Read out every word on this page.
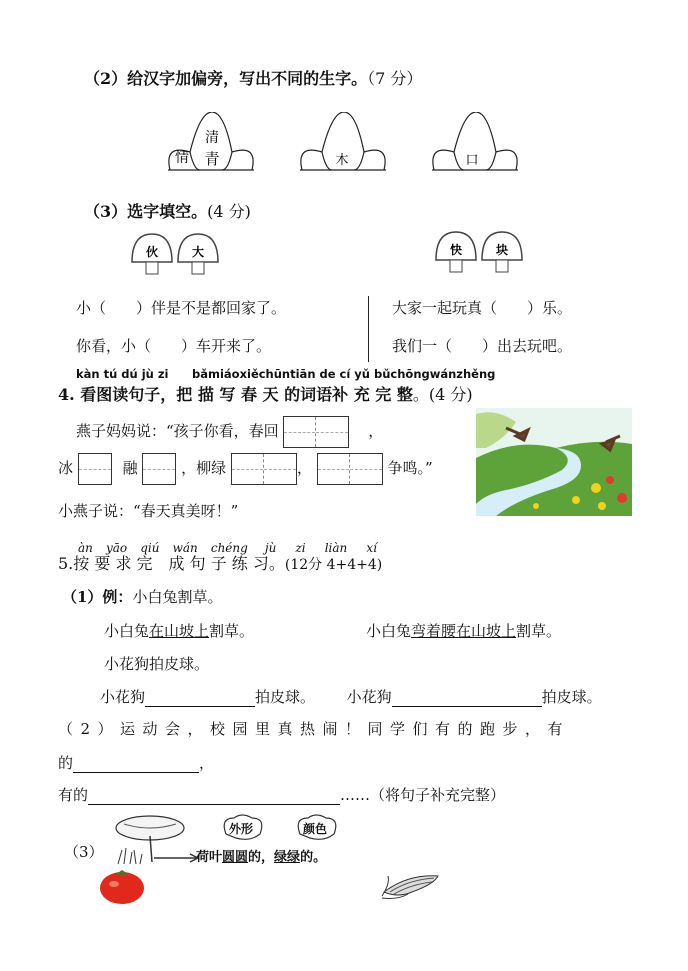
（2）给汉字加偏旁，写出不同的生字。（7 分）
青
情
清
木	口
（3）选字填空。(4 分)
伙	大	快	块
小（　　）伴是不是都回家了。
你看，小（　　）车开来了。
大家一起玩真（　　）乐。
我们一（　　）出去玩吧。
kàn tú dú jù zi bǎmiáoxiěchūntiān de cí yǔ bǔchōngwánzhěng
4. 看图读句子，把 描 写 春 天 的词语补 充 完 整。(4 分)
燕子妈妈说：“孩子你看，春回	，
冰	融	，柳绿	，	争鸣。”
小燕子说：“春天真美呀！”
àn yāo qiú wán chéng jù zi liàn xí
5.按 要 求 完　成 句 子 练 习。(12分 4+4+4)
（1）例：小白兔割草。
小白兔在山坡上割草。	小白兔弯着腰在山坡上割草。
小花狗拍皮球。
小花狗	拍皮球。 小花狗	拍皮球。
（2）运动会，校园里真热闹！同学们有的跑步，有
的	，
有的	……（将句子补充完整）
（3）
外形	颜色
荷叶圆圆的，绿绿的。
